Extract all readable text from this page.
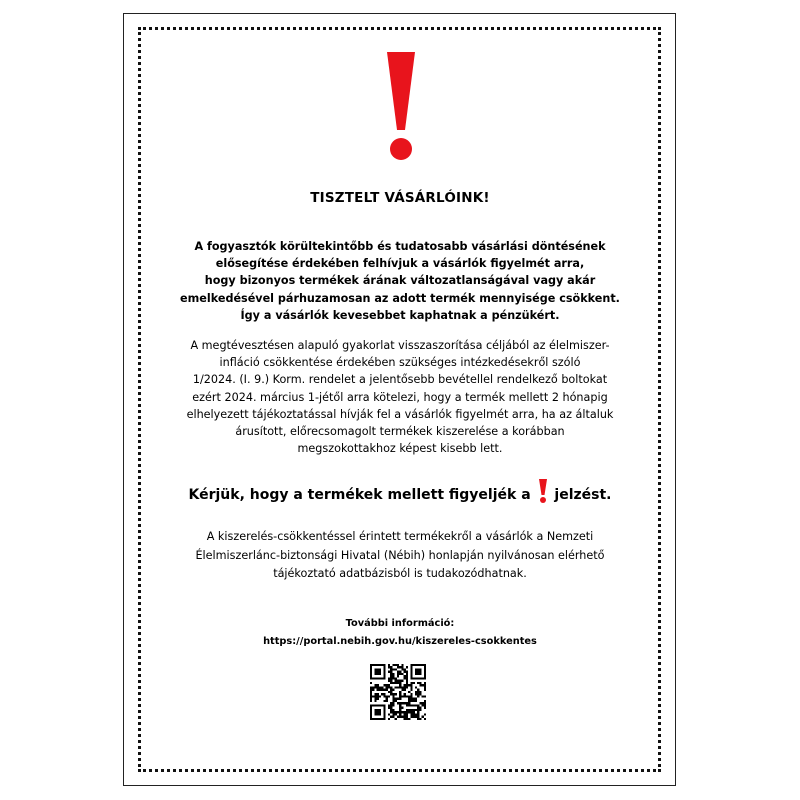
TISZTELT VÁSÁRLÓINK!
A fogyasztók körültekintőbb és tudatosabb vásárlási döntésének
elősegítése érdekében felhívjuk a vásárlók figyelmét arra,
hogy bizonyos termékek árának változatlanságával vagy akár
emelkedésével párhuzamosan az adott termék mennyisége csökkent.
Így a vásárlók kevesebbet kaphatnak a pénzükért.
A megtévesztésen alapuló gyakorlat visszaszorítása céljából az élelmiszer-
infláció csökkentése érdekében szükséges intézkedésekről szóló
1/2024. (I. 9.) Korm. rendelet a jelentősebb bevétellel rendelkező boltokat
ezért 2024. március 1-jétől arra kötelezi, hogy a termék mellett 2 hónapig
elhelyezett tájékoztatással hívják fel a vásárlók figyelmét arra, ha az általuk
árusított, előrecsomagolt termékek kiszerelése a korábban
megszokottakhoz képest kisebb lett.
Kérjük, hogy a termékek mellett figyeljék a jelzést.
A kiszerelés-csökkentéssel érintett termékekről a vásárlók a Nemzeti
Élelmiszerlánc-biztonsági Hivatal (Nébih) honlapján nyilvánosan elérhető
tájékoztató adatbázisból is tudakozódhatnak.
További információ:
https://portal.nebih.gov.hu/kiszereles-csokkentes
